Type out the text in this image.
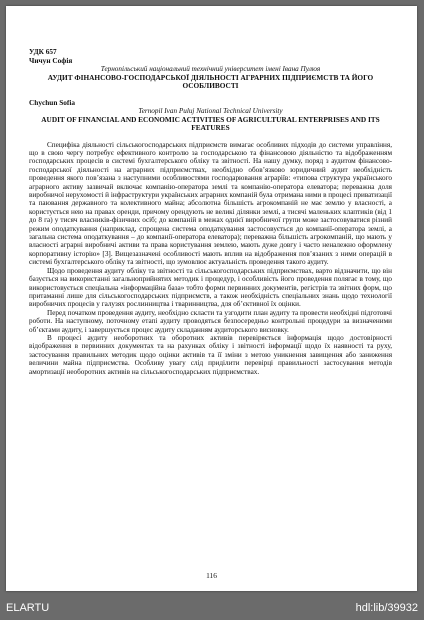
УДК 657
Чичун Софія
Тернопільський національний технічний університет імені Івана Пулюя
АУДИТ ФІНАНСОВО-ГОСПОДАРСЬКОЇ ДІЯЛЬНОСТІ АГРАРНИХ ПІДПРИЄМСТВ ТА ЙОГО ОСОБЛИВОСТІ
Chychun Sofia
Ternopil Ivan Puluj National Technical University
AUDIT OF FINANCIAL AND ECONOMIC ACTIVITIES OF AGRICULTURAL ENTERPRISES AND ITS FEATURES

Специфіка діяльності сільськогосподарських підприємств вимагає особливих підходів до системи управління, що в свою чергу потребує ефективного контролю за господарською та фінансовою діяльністю та відображенням господарських процесів в системі бухгалтерського обліку та звітності. На нашу думку, поряд з аудитом фінансово-господарської діяльності на аграрних підприємствах, необхідно обов’язково юридичний аудит необхідність проведення якого пов’язана з наступними особливостями господарювання аграріїв: «типова структура українського аграрного активу зазвичай включає компанію-оператора землі та компанію-оператора елеватора; переважна доля виробничої нерухомості й інфраструктури українських аграрних компаній була отримана ними в процесі приватизації та паювання державного та колективного майна; абсолютна більшість агрокомпаній не має землю у власності, а користується нею на правах оренди, причому орендують не великі ділянки землі, а тисячі маленьких клаптиків (від 1 до 8 га) у тисяч власників-фізичних осіб; до компаній в межах однієї виробничої групи може застосовуватися різний режим оподаткування (наприклад, спрощена система оподаткування застосовується до компанії-оператора землі, а загальна система оподаткування – до компанії-оператора елеватора); переважна більшість агрокомпаній, що мають у власності аграрні виробничі активи та права користування землею, мають дуже довгу і часто неналежно оформлену корпоративну історію» [3]. Вищезазначені особливості мають вплив на відображення пов’язаних з ними операцій в системі бухгалтерського обліку та звітності, що зумовлює актуальність проведення такого аудиту.

Щодо проведення аудиту обліку та звітності та сільськогосподарських підприємствах, варто відзначити, що він базується на використанні загальноприйнятих методик і процедур, і особливість його проведення полягає в тому, що використовується спеціальна «інформаційна база» тобто форми первинних документів, регістрів та звітних форм, що притаманні лише для сільськогосподарських підприємств, а також необхідність спеціальних знань щодо технології виробничих процесів у галузях рослинництва і тваринництва, для об’єктивної їх оцінки.

Перед початком проведення аудиту, необхідно скласти та узгодити план аудиту та провести необхідні підготовчі роботи. На наступному, поточному етапі аудиту проводяться безпосередньо контрольні процедури за визначеними об’єктами аудиту, і завершується процес аудиту складанням аудиторського висновку.

В процесі аудиту необоротних та оборотних активів перевіряється інформація щодо достовірності відображення в первинних документах та на рахунках обліку і звітності інформації щодо їх наявності та руху, застосування правильних методик щодо оцінки активів та її зміни з метою уникнення завищення або заниження величини майна підприємства. Особливу увагу слід приділити перевірці правильності застосування методів амортизації необоротних активів на сільськогосподарських підприємствах.

116
ELARTU	hdl:lib/39932
